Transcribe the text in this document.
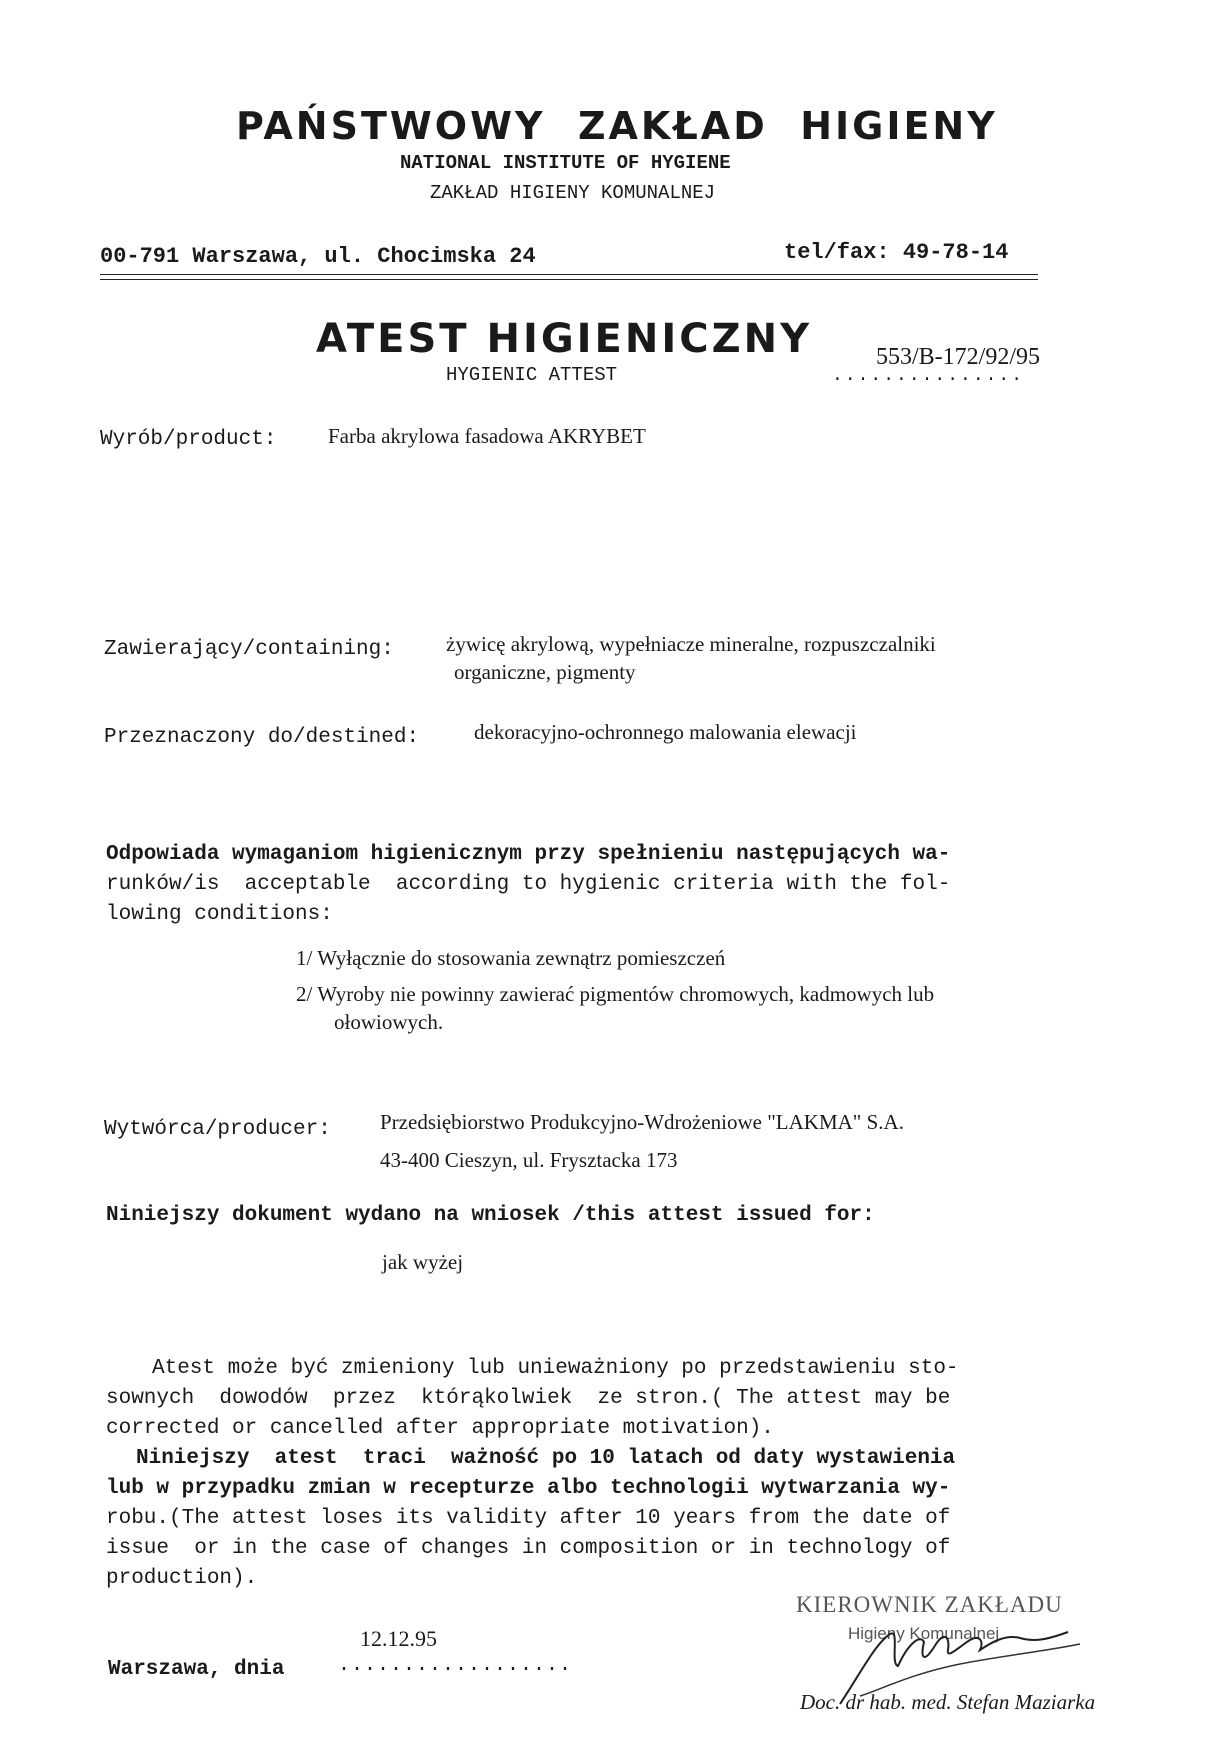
PAŃSTWOWY  ZAKŁAD  HIGIENY
NATIONAL INSTITUTE OF HYGIENE
ZAKŁAD HIGIENY KOMUNALNEJ
00-791 Warszawa, ul. Chocimska 24	tel/fax: 49-78-14
ATEST HIGIENICZNY
HYGIENIC ATTEST
553/B-172/92/95
...............
Wyrób/product: Farba akrylowa fasadowa AKRYBET
Zawierający/containing: żywicę akrylową, wypełniacze mineralne, rozpuszczalniki
organiczne, pigmenty
Przeznaczony do/destined:	dekoracyjno-ochronnego malowania elewacji
Odpowiada wymaganiom higienicznym przy spełnieniu następujących wa-
runków/is  acceptable  according to hygienic criteria with the fol-
lowing conditions:
1/ Wyłącznie do stosowania zewnątrz pomieszczeń
2/ Wyroby nie powinny zawierać pigmentów chromowych, kadmowych lub
ołowiowych.
Wytwórca/producer: Przedsiębiorstwo Produkcyjno-Wdrożeniowe "LAKMA" S.A.
43-400 Cieszyn, ul. Frysztacka 173
Niniejszy dokument wydano na wniosek /this attest issued for:
jak wyżej
Atest może być zmieniony lub unieważniony po przedstawieniu sto-
sownych  dowodów  przez  którąkolwiek  ze stron.( The attest may be
corrected or cancelled after appropriate motivation).
Niniejszy  atest  traci  ważność po 10 latach od daty wystawienia
lub w przypadku zmian w recepturze albo technologii wytwarzania wy-
robu.(The attest loses its validity after 10 years from the date of
issue  or in the case of changes in composition or in technology of
production).
12.12.95
Warszawa, dnia	..................
KIEROWNIK ZAKŁADU
Higieny Komunalnej
Doc. dr hab. med. Stefan Maziarka
